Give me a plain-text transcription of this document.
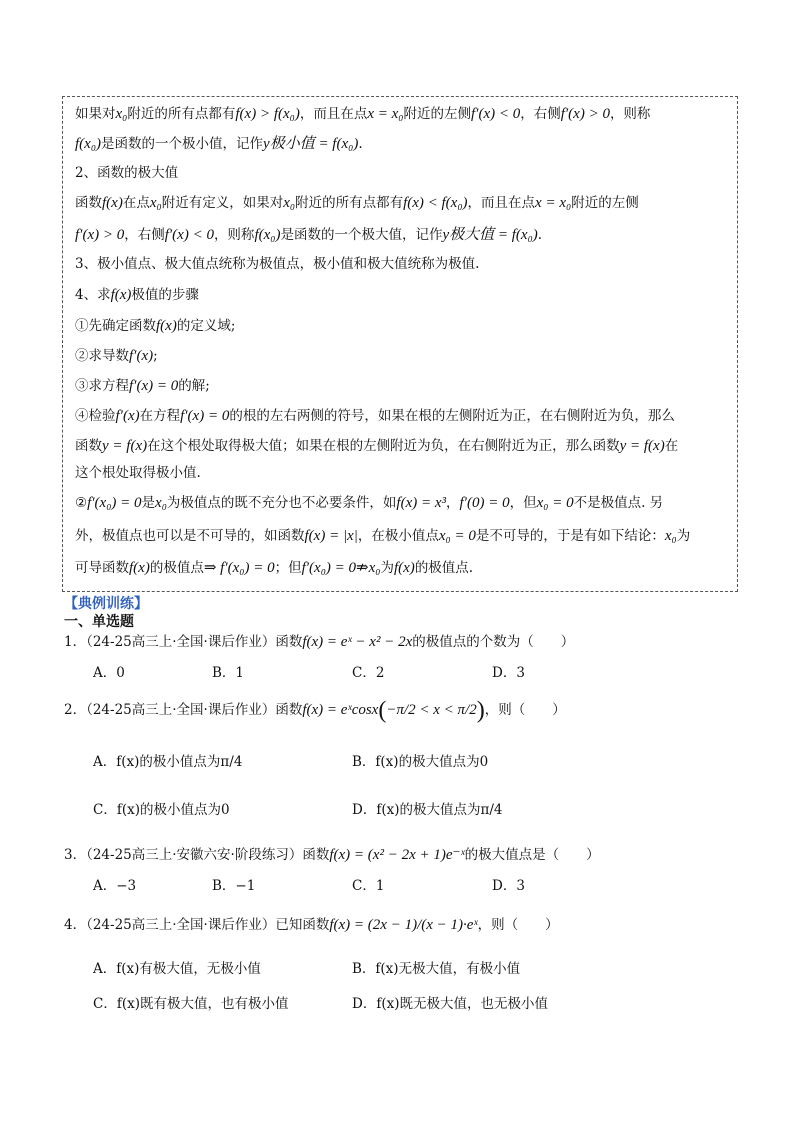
如果对x₀附近的所有点都有f(x) > f(x₀)，而且在点x = x₀附近的左侧f′(x) < 0，右侧f′(x) > 0，则称
f(x₀)是函数的一个极小值，记作y极小值 = f(x₀).
2、函数的极大值
函数f(x)在点x₀附近有定义，如果对x₀附近的所有点都有f(x) < f(x₀)，而且在点x = x₀附近的左侧
f′(x) > 0，右侧f′(x) < 0，则称f(x₀)是函数的一个极大值，记作y极大值 = f(x₀).
3、极小值点、极大值点统称为极值点，极小值和极大值统称为极值.
4、求f(x)极值的步骤
①先确定函数f(x)的定义域;
②求导数f′(x);
③求方程f′(x) = 0的解;
④检验f′(x)在方程f′(x) = 0的根的左右两侧的符号，如果在根的左侧附近为正，在右侧附近为负，那么
函数y = f(x)在这个根处取得极大值；如果在根的左侧附近为负，在右侧附近为正，那么函数y = f(x)在
这个根处取得极小值.
②f′(x₀) = 0是x₀为极值点的既不充分也不必要条件，如f(x) = x³，f′(0) = 0，但x₀ = 0不是极值点. 另
外，极值点也可以是不可导的，如函数f(x) = |x|，在极小值点x₀ = 0是不可导的，于是有如下结论：x₀为
可导函数f(x)的极值点⇒ f′(x₀) = 0；但f′(x₀) = 0⇏x₀为f(x)的极值点.
【典例训练】
一、单选题
1．（24-25高三上·全国·课后作业）函数f(x) = eˣ − x² − 2x的极值点的个数为（　　）
A．0	B．1	C．2	D．3
2．（24-25高三上·全国·课后作业）函数f(x) = eˣcosx(−π/2 < x < π/2)，则（　　）
A．f(x)的极小值点为π/4	B．f(x)的极大值点为0
C．f(x)的极小值点为0	D．f(x)的极大值点为π/4
3．（24-25高三上·安徽六安·阶段练习）函数f(x) = (x² − 2x + 1)e⁻ˣ的极大值点是（　　）
A．−3	B．−1	C．1	D．3
4．（24-25高三上·全国·课后作业）已知函数f(x) = (2x − 1)/(x − 1)·eˣ，则（　　）
A．f(x)有极大值，无极小值	B．f(x)无极大值，有极小值
C．f(x)既有极大值，也有极小值	D．f(x)既无极大值，也无极小值
